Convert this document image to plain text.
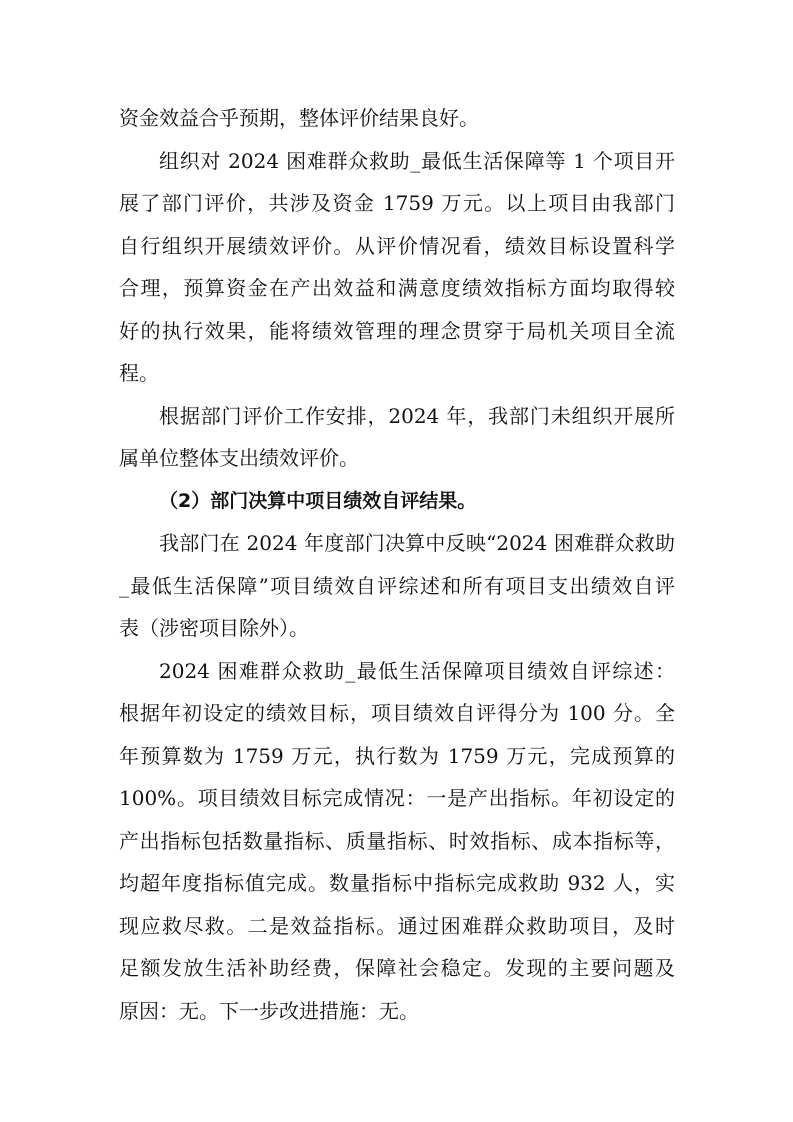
资金效益合乎预期，整体评价结果良好。
组织对 2024 困难群众救助_最低生活保障等 1 个项目开
展了部门评价，共涉及资金 1759 万元。以上项目由我部门
自行组织开展绩效评价。从评价情况看，绩效目标设置科学
合理，预算资金在产出效益和满意度绩效指标方面均取得较
好的执行效果，能将绩效管理的理念贯穿于局机关项目全流
程。
根据部门评价工作安排，2024 年，我部门未组织开展所
属单位整体支出绩效评价。
（2）部门决算中项目绩效自评结果。
我部门在 2024 年度部门决算中反映“2024 困难群众救助
_最低生活保障”项目绩效自评综述和所有项目支出绩效自评
表（涉密项目除外）。
2024 困难群众救助_最低生活保障项目绩效自评综述：
根据年初设定的绩效目标，项目绩效自评得分为 100 分。全
年预算数为 1759 万元，执行数为 1759 万元，完成预算的
100%。项目绩效目标完成情况：一是产出指标。年初设定的
产出指标包括数量指标、质量指标、时效指标、成本指标等，
均超年度指标值完成。数量指标中指标完成救助 932 人，实
现应救尽救。二是效益指标。通过困难群众救助项目，及时
足额发放生活补助经费，保障社会稳定。发现的主要问题及
原因：无。下一步改进措施：无。
